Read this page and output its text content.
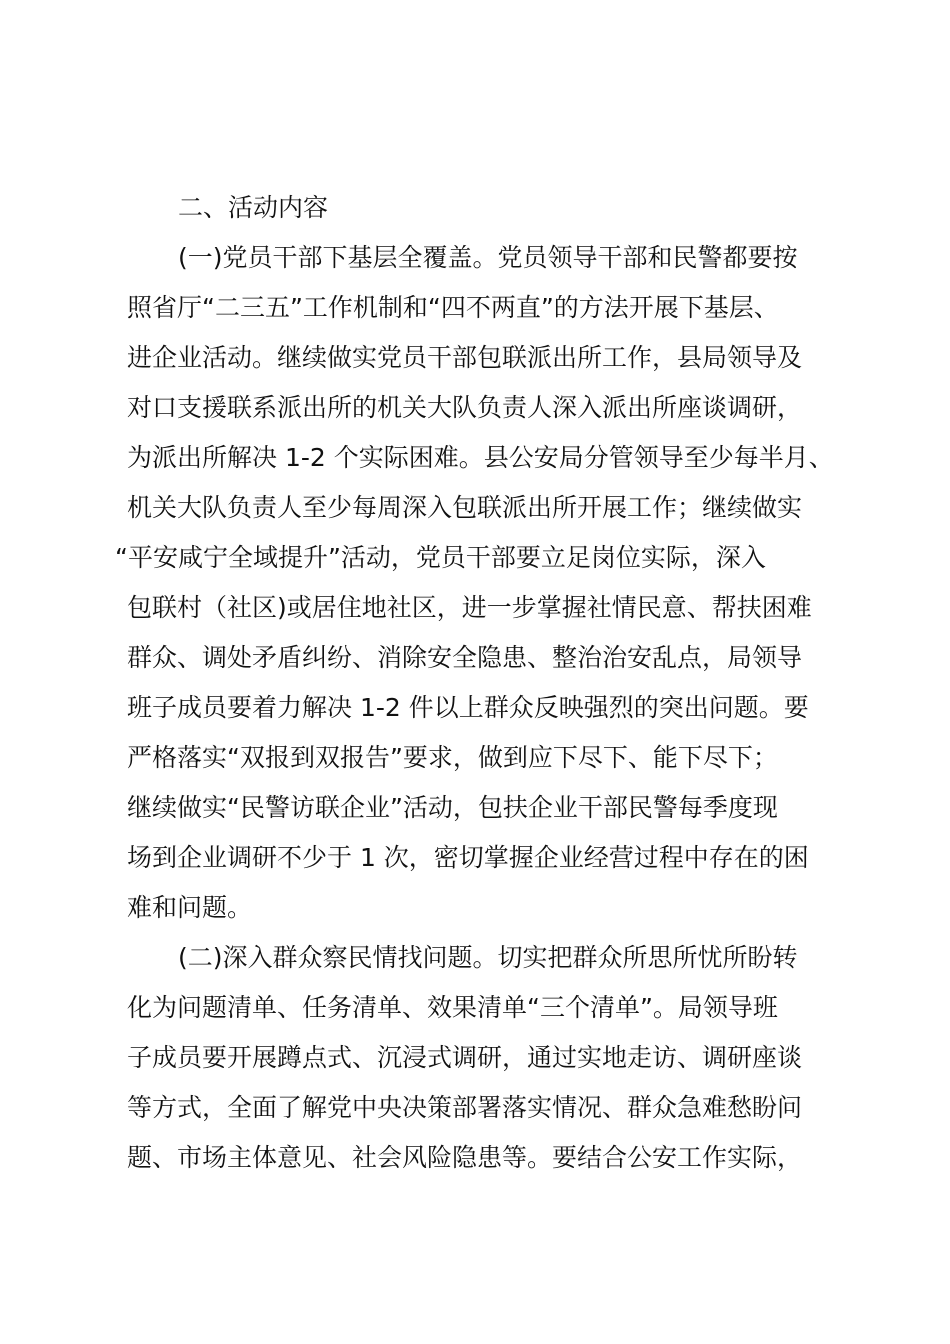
二、活动内容
(一)党员干部下基层全覆盖。党员领导干部和民警都要按
照省厅“二三五”工作机制和“四不两直”的方法开展下基层、
进企业活动。继续做实党员干部包联派出所工作，县局领导及
对口支援联系派出所的机关大队负责人深入派出所座谈调研，
为派出所解决 1-2 个实际困难。县公安局分管领导至少每半月、
机关大队负责人至少每周深入包联派出所开展工作；继续做实
“平安咸宁全域提升”活动，党员干部要立足岗位实际，深入
包联村（社区)或居住地社区，进一步掌握社情民意、帮扶困难
群众、调处矛盾纠纷、消除安全隐患、整治治安乱点，局领导
班子成员要着力解决 1-2 件以上群众反映强烈的突出问题。要
严格落实“双报到双报告”要求，做到应下尽下、能下尽下；
继续做实“民警访联企业”活动，包扶企业干部民警每季度现
场到企业调研不少于 1 次，密切掌握企业经营过程中存在的困
难和问题。
(二)深入群众察民情找问题。切实把群众所思所忧所盼转
化为问题清单、任务清单、效果清单“三个清单”。局领导班
子成员要开展蹲点式、沉浸式调研，通过实地走访、调研座谈
等方式，全面了解党中央决策部署落实情况、群众急难愁盼问
题、市场主体意见、社会风险隐患等。要结合公安工作实际，
